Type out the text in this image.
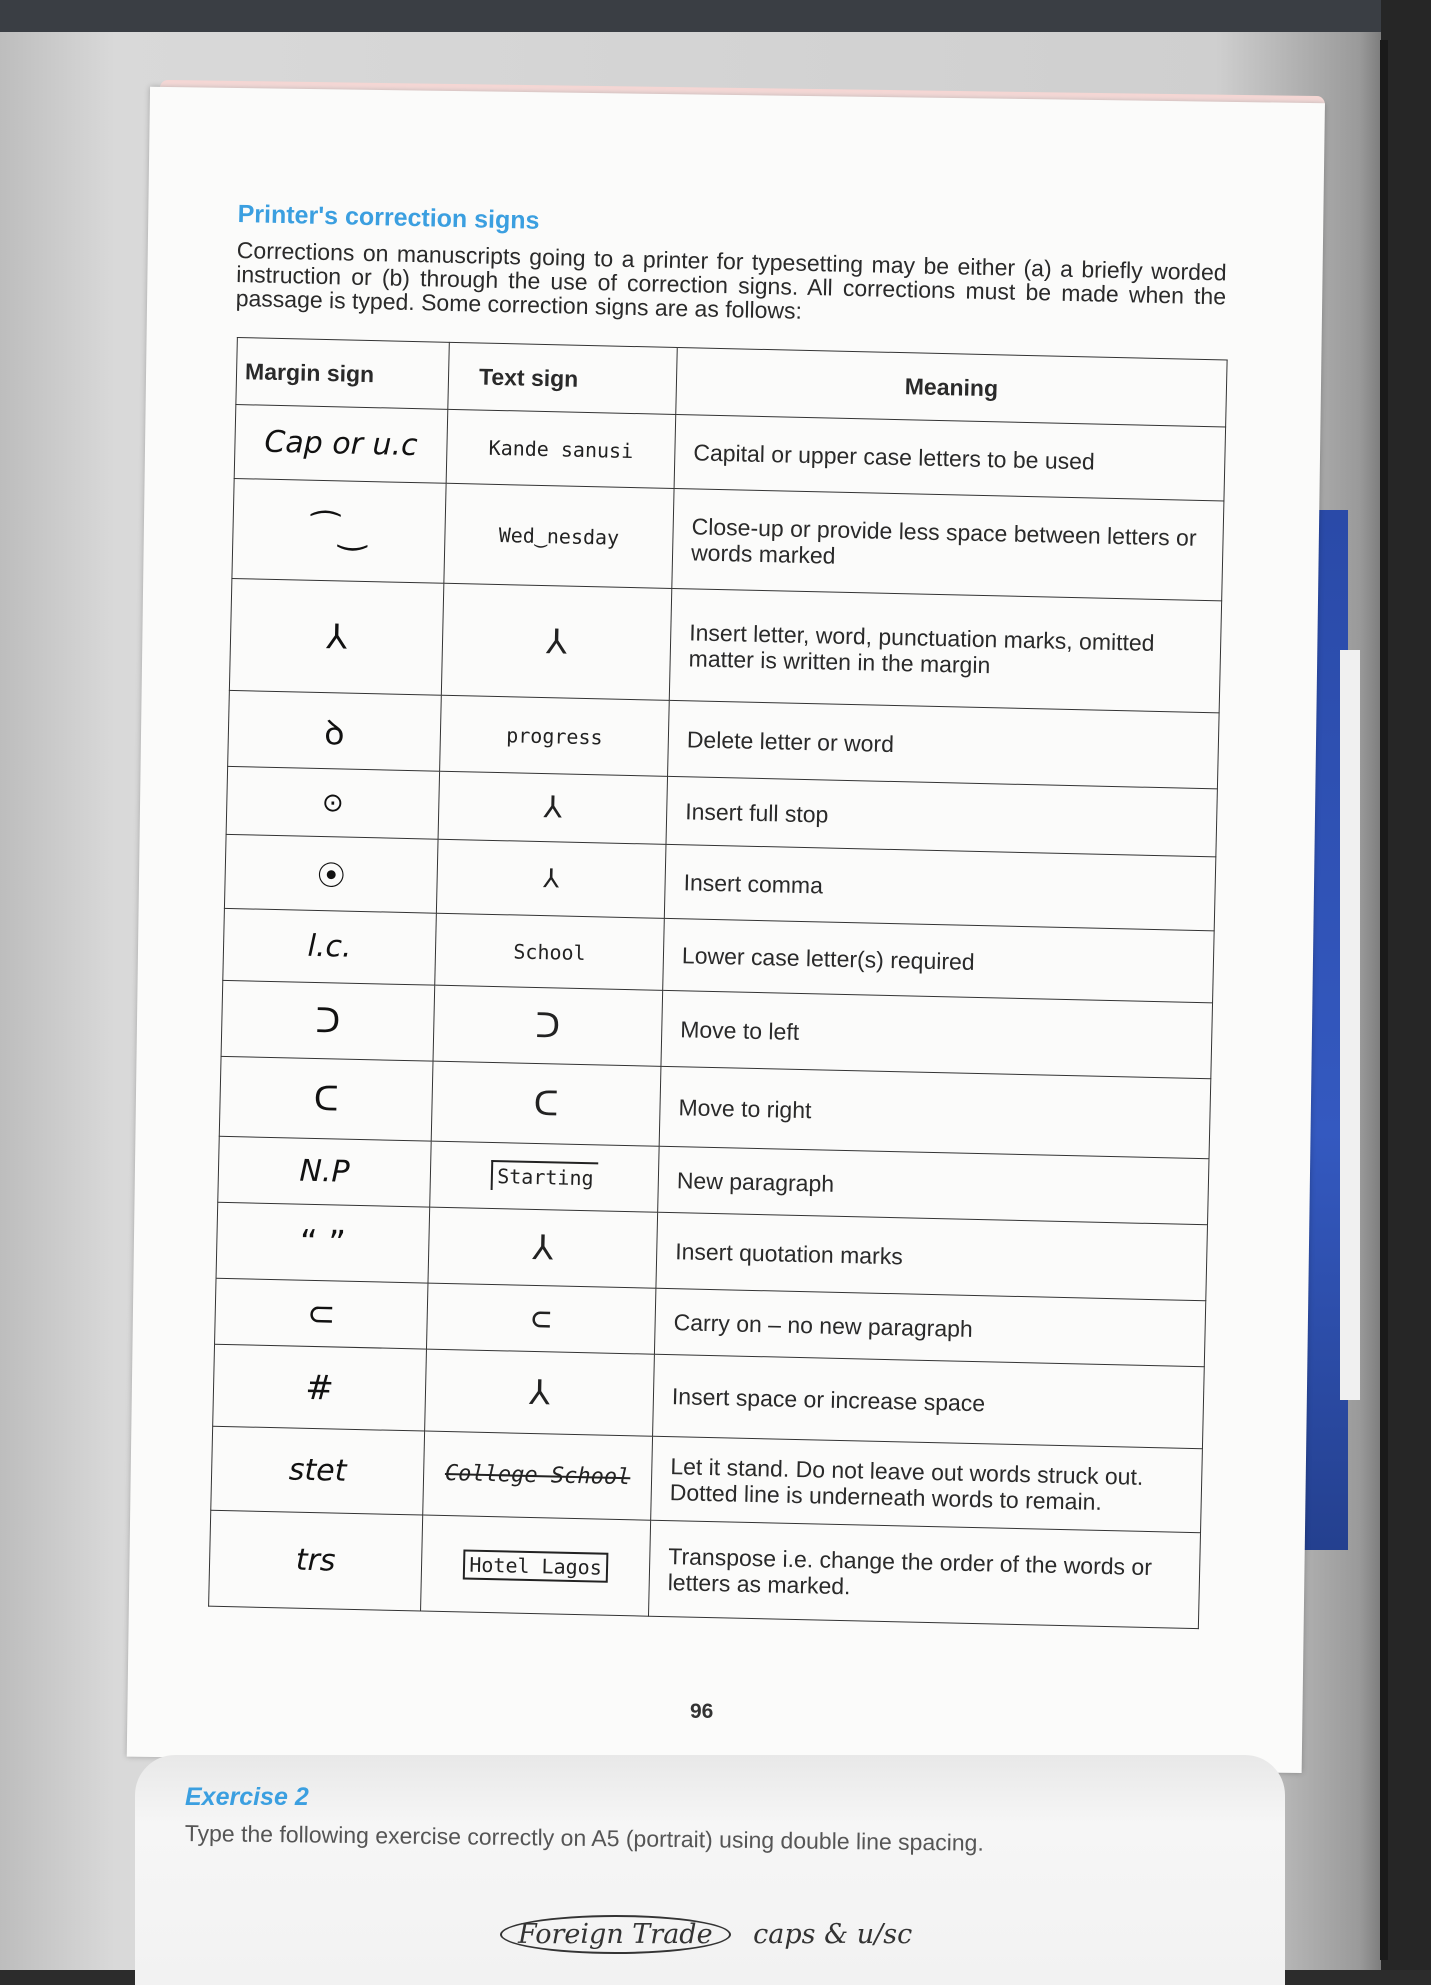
Printer's correction signs
Corrections on manuscripts going to a printer for typesetting may be either (a) a briefly worded instruction or (b) through the use of correction signs. All corrections must be made when the passage is typed. Some correction signs are as follows:
Margin sign	Text sign	Meaning
Cap or u.c	Kande sanusi	Capital or upper case letters to be used
⁀‿	Wed‿nesday	Close-up or provide less space between letters or words marked
⅄	⅄	Insert letter, word, punctuation marks, omitted matter is written in the margin
ꝺ	progress	Delete letter or word
⊙	⅄	Insert full stop
⦿	⅄	Insert comma
l.c.	School	Lower case letter(s) required
ᑐ	ᑐ	Move to left
ᑕ	ᑕ	Move to right
N.P	Starting	New paragraph
“ ”	⅄	Insert quotation marks
⊂	⊂	Carry on – no new paragraph
#	⅄	Insert space or increase space
stet	College School	Let it stand. Do not leave out words struck out. Dotted line is underneath words to remain.
trs	Hotel Lagos	Transpose i.e. change the order of the words or letters as marked.
96
Exercise 2
Type the following exercise correctly on A5 (portrait) using double line spacing.
Foreign Trade caps & u/sc
